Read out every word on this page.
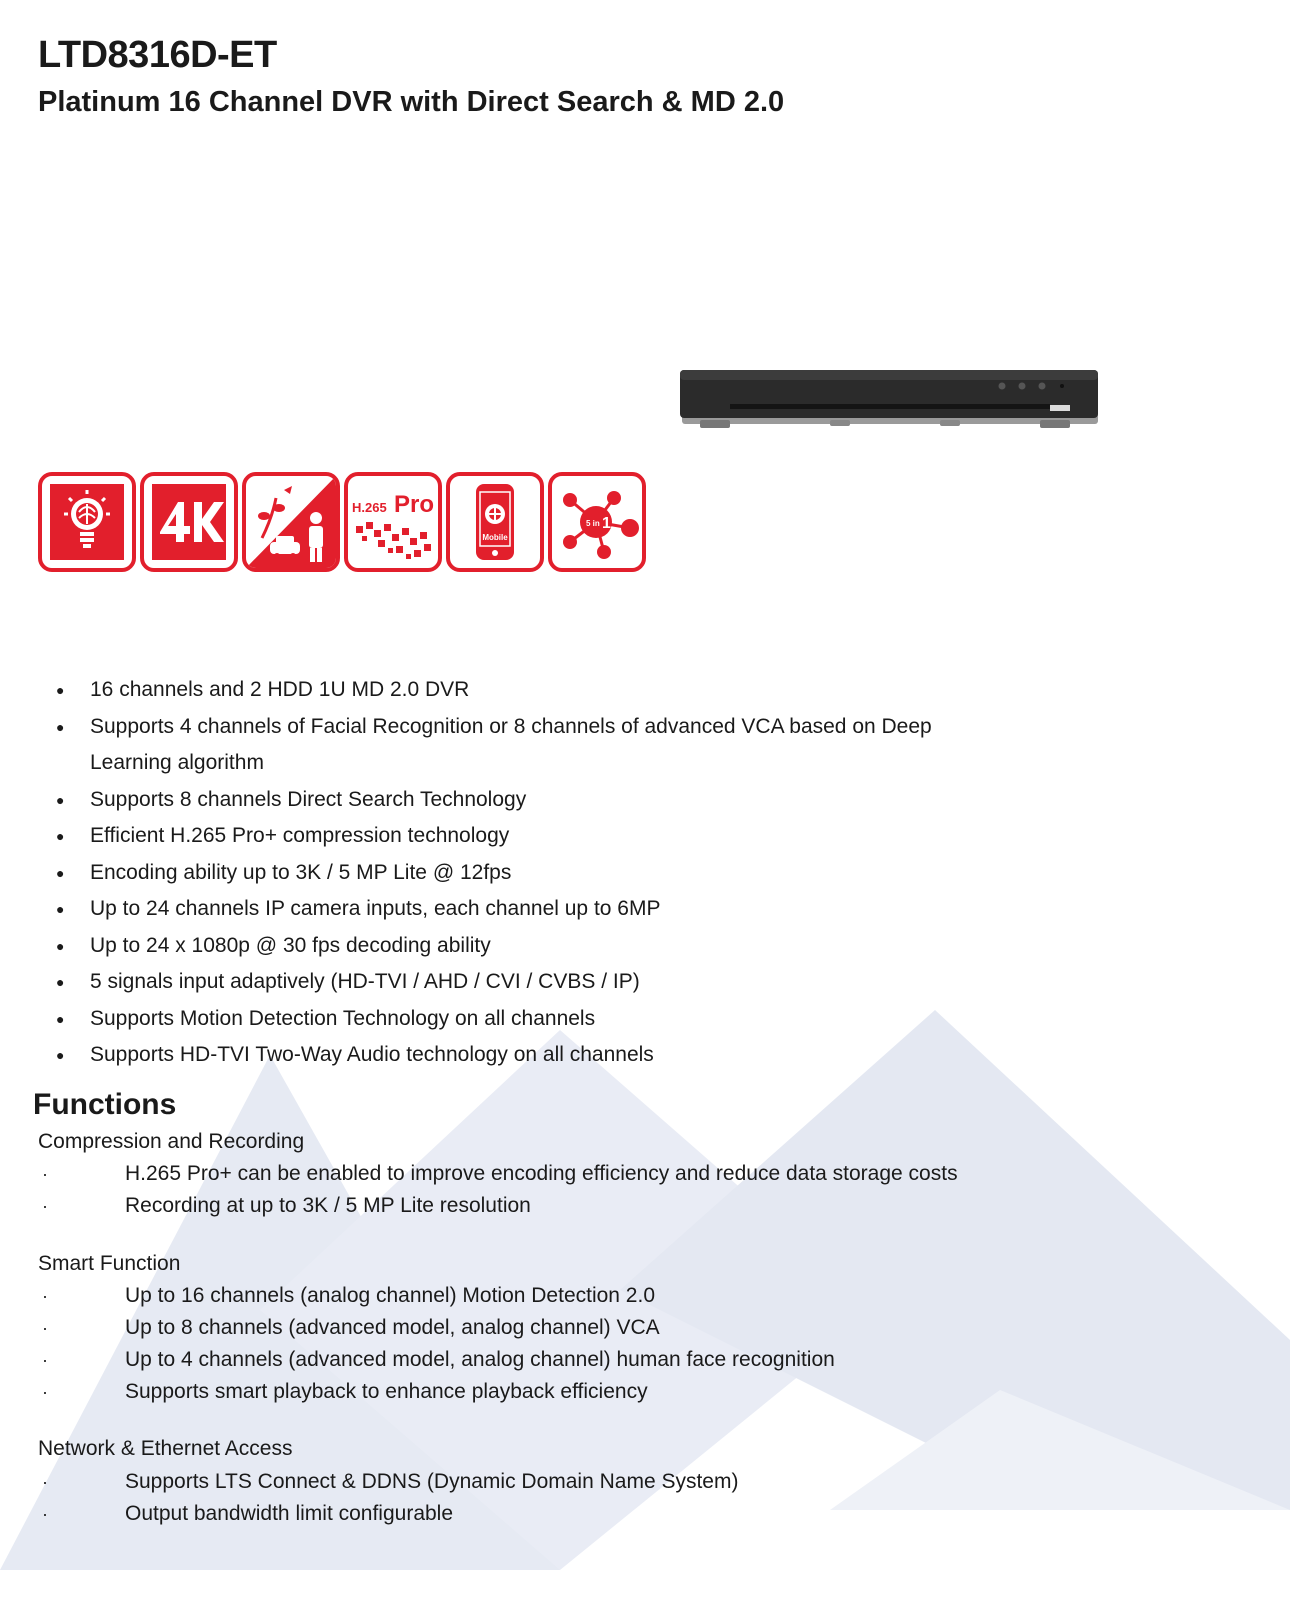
LTD8316D-ET
Platinum 16 Channel DVR with Direct Search & MD 2.0
H.265 Pro
Mobile
5 in 1
● 16 channels and 2 HDD 1U MD 2.0 DVR
● Supports 4 channels of Facial Recognition or 8 channels of advanced VCA based on Deep Learning algorithm
● Supports 8 channels Direct Search Technology
● Efficient H.265 Pro+ compression technology
● Encoding ability up to 3K / 5 MP Lite @ 12fps
● Up to 24 channels IP camera inputs, each channel up to 6MP
● Up to 24 x 1080p @ 30 fps decoding ability
● 5 signals input adaptively (HD-TVI / AHD / CVI / CVBS / IP)
● Supports Motion Detection Technology on all channels
● Supports HD-TVI Two-Way Audio technology on all channels
Functions
Compression and Recording
· H.265 Pro+ can be enabled to improve encoding efficiency and reduce data storage costs
· Recording at up to 3K / 5 MP Lite resolution
Smart Function
· Up to 16 channels (analog channel) Motion Detection 2.0
· Up to 8 channels (advanced model, analog channel) VCA
· Up to 4 channels (advanced model, analog channel) human face recognition
· Supports smart playback to enhance playback efficiency
Network & Ethernet Access
· Supports LTS Connect & DDNS (Dynamic Domain Name System)
· Output bandwidth limit configurable
